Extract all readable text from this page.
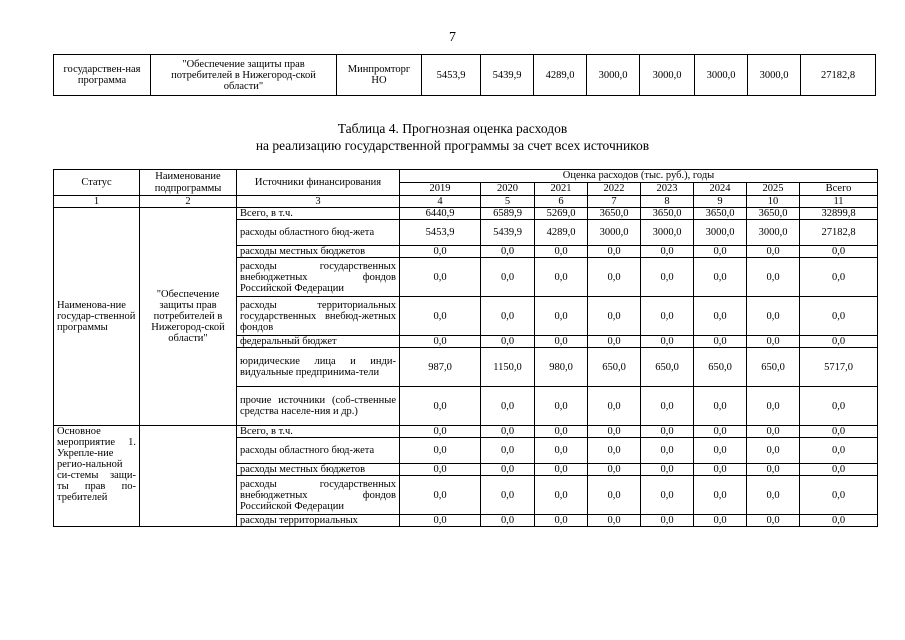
7
государствен-ная программа	"Обеспечение защиты прав потребителей в Нижегород-ской области"	Минпромторг НО	5453,9	5439,9	4289,0	3000,0	3000,0	3000,0	3000,0	27182,8
Таблица 4. Прогнозная оценка расходов
на реализацию государственной программы за счет всех источников
Статус	Наименование подпрограммы	Источники финансирования	Оценка расходов (тыс. руб.), годы							
			2019	2020	2021	2022	2023	2024	2025	Всего
1	2	3	4	5	6	7	8	9	10	11
Наименова-ние государ-ственной программы	"Обеспечение защиты прав потребителей в Нижегород-ской области"	Всего, в т.ч.	6440,9	6589,9	5269,0	3650,0	3650,0	3650,0	3650,0	32899,8
		расходы областного бюд-жета	5453,9	5439,9	4289,0	3000,0	3000,0	3000,0	3000,0	27182,8
		расходы местных бюджетов	0,0	0,0	0,0	0,0	0,0	0,0	0,0	0,0
		расходы государственных внебюджетных фондов Российской Федерации	0,0	0,0	0,0	0,0	0,0	0,0	0,0	0,0
		расходы территориальных государственных внебюд-жетных фондов	0,0	0,0	0,0	0,0	0,0	0,0	0,0	0,0
		федеральный бюджет	0,0	0,0	0,0	0,0	0,0	0,0	0,0	0,0
		юридические лица и инди-видуальные предпринима-тели	987,0	1150,0	980,0	650,0	650,0	650,0	650,0	5717,0
		прочие источники (соб-ственные средства населе-ния и др.)	0,0	0,0	0,0	0,0	0,0	0,0	0,0	0,0
Основное мероприятие 1. Укрепле-ние регио-нальной си-стемы защи-ты прав по-требителей		Всего, в т.ч.	0,0	0,0	0,0	0,0	0,0	0,0	0,0	0,0
		расходы областного бюд-жета	0,0	0,0	0,0	0,0	0,0	0,0	0,0	0,0
		расходы местных бюджетов	0,0	0,0	0,0	0,0	0,0	0,0	0,0	0,0
		расходы государственных внебюджетных фондов Российской Федерации	0,0	0,0	0,0	0,0	0,0	0,0	0,0	0,0
		расходы территориальных	0,0	0,0	0,0	0,0	0,0	0,0	0,0	0,0
